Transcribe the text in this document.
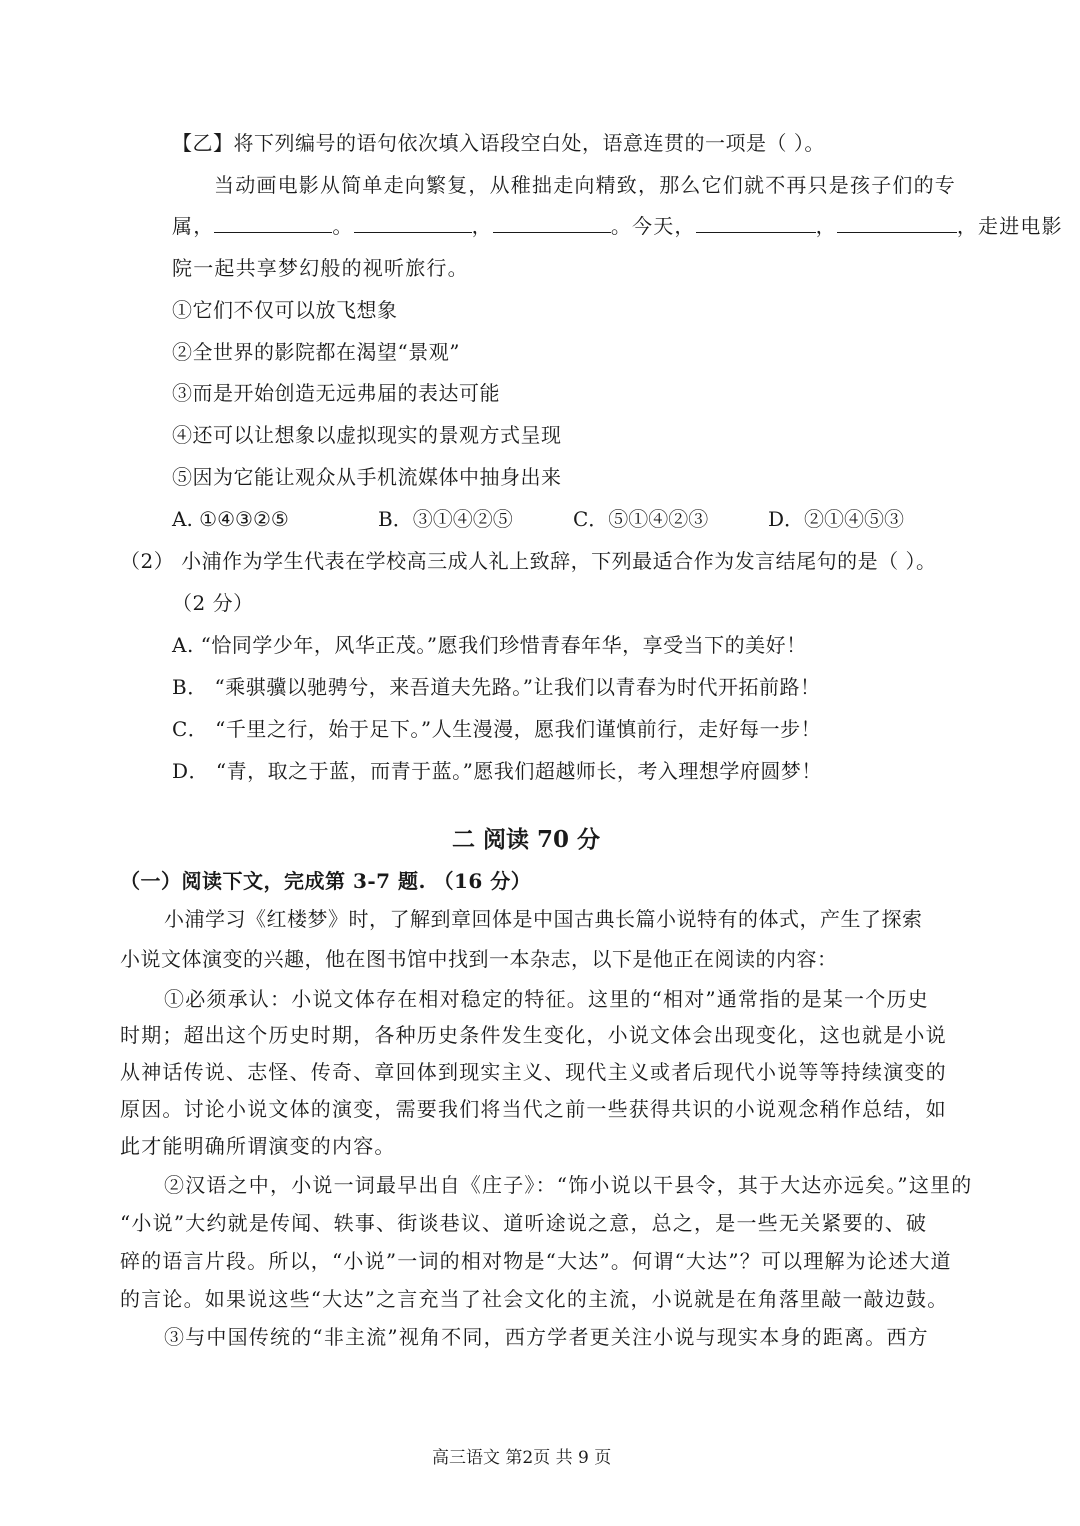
【乙】将下列编号的语句依次填入语段空白处，语意连贯的一项是（ ）。
当动画电影从简单走向繁复，从稚拙走向精致，那么它们就不再只是孩子们的专
属，	。	，	。今天，	，	，走进电影
院一起共享梦幻般的视听旅行。
①它们不仅可以放飞想象
②全世界的影院都在渴望“景观”
③而是开始创造无远弗届的表达可能
④还可以让想象以虚拟现实的景观方式呈现
⑤因为它能让观众从手机流媒体中抽身出来
A. ①④③②⑤	B．③①④②⑤	C．⑤①④②③	D．②①④⑤③
（2） 小浦作为学生代表在学校高三成人礼上致辞，下列最适合作为发言结尾句的是（ ）。
（2 分）
A. “恰同学少年，风华正茂。”愿我们珍惜青春年华，享受当下的美好！
B． “乘骐骥以驰骋兮，来吾道夫先路。”让我们以青春为时代开拓前路！
C． “千里之行，始于足下。”人生漫漫，愿我们谨慎前行，走好每一步！
D． “青，取之于蓝，而青于蓝。”愿我们超越师长，考入理想学府圆梦！
二 阅读 70 分
（一）阅读下文，完成第 3-7 题. （16 分）
小浦学习《红楼梦》时，了解到章回体是中国古典长篇小说特有的体式，产生了探索
小说文体演变的兴趣，他在图书馆中找到一本杂志，以下是他正在阅读的内容：
①必须承认：小说文体存在相对稳定的特征。这里的“相对”通常指的是某一个历史
时期；超出这个历史时期，各种历史条件发生变化，小说文体会出现变化，这也就是小说
从神话传说、志怪、传奇、章回体到现实主义、现代主义或者后现代小说等等持续演变的
原因。讨论小说文体的演变，需要我们将当代之前一些获得共识的小说观念稍作总结，如
此才能明确所谓演变的内容。
②汉语之中，小说一词最早出自《庄子》：“饰小说以干县令，其于大达亦远矣。”这里的
“小说”大约就是传闻、轶事、街谈巷议、道听途说之意，总之，是一些无关紧要的、破
碎的语言片段。所以，“小说”一词的相对物是“大达”。何谓“大达”？可以理解为论述大道
的言论。如果说这些“大达”之言充当了社会文化的主流，小说就是在角落里敲一敲边鼓。
③与中国传统的“非主流”视角不同，西方学者更关注小说与现实本身的距离。西方
高三语文 第2页 共 9 页
